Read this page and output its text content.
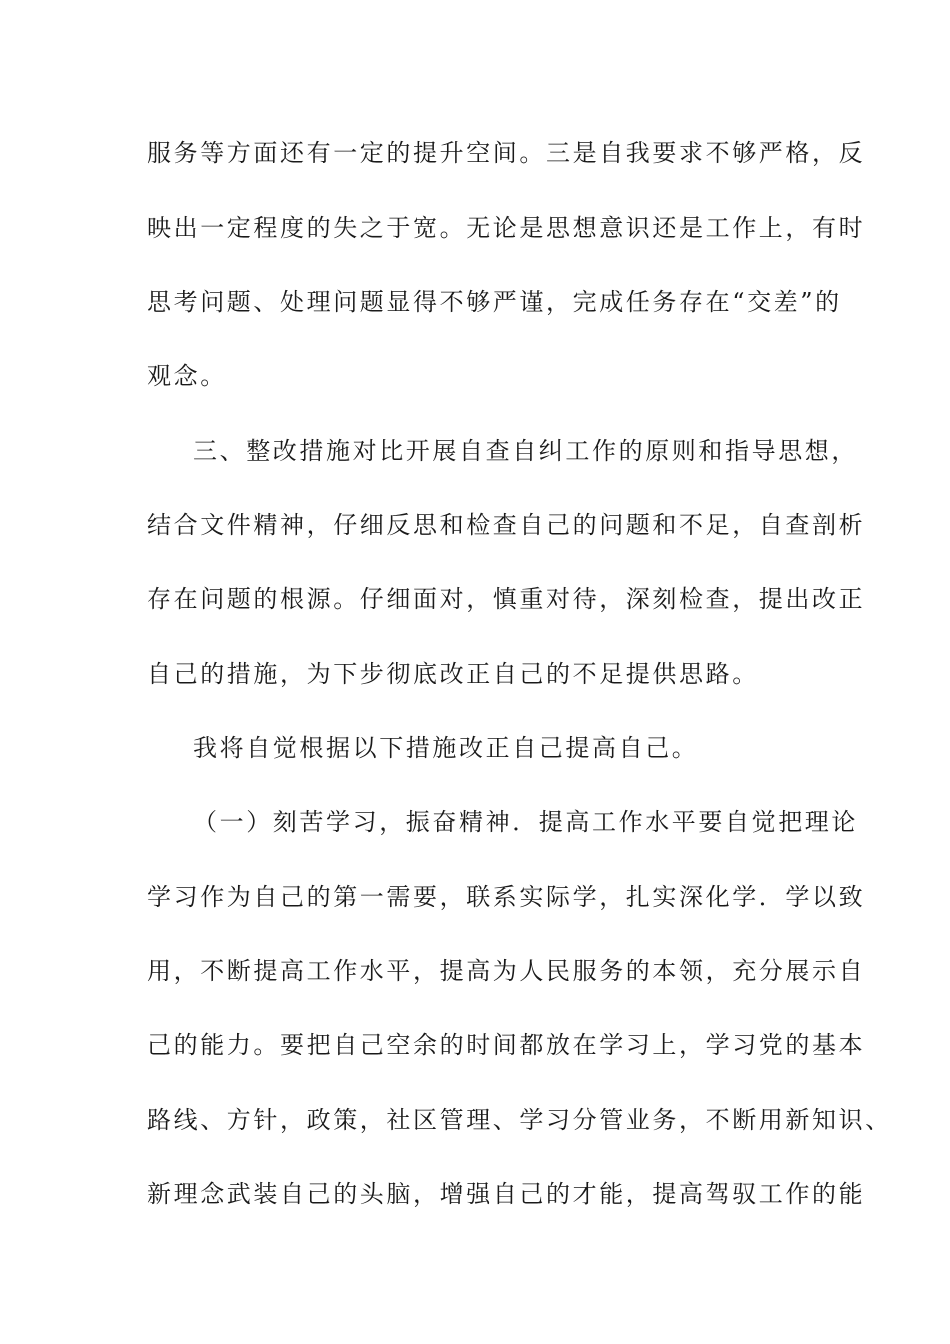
服务等方面还有一定的提升空间。三是自我要求不够严格，反
映出一定程度的失之于宽。无论是思想意识还是工作上，有时
思考问题、处理问题显得不够严谨，完成任务存在“交差”的
观念。
三、整改措施对比开展自查自纠工作的原则和指导思想，
结合文件精神，仔细反思和检查自己的问题和不足，自查剖析
存在问题的根源。仔细面对，慎重对待，深刻检查，提出改正
自己的措施，为下步彻底改正自己的不足提供思路。
我将自觉根据以下措施改正自己提高自己。
（一）刻苦学习，振奋精神．提高工作水平要自觉把理论
学习作为自己的第一需要，联系实际学，扎实深化学．学以致
用，不断提高工作水平，提高为人民服务的本领，充分展示自
己的能力。要把自己空余的时间都放在学习上，学习党的基本
路线、方针，政策，社区管理、学习分管业务，不断用新知识、
新理念武装自己的头脑，增强自己的才能，提高驾驭工作的能
